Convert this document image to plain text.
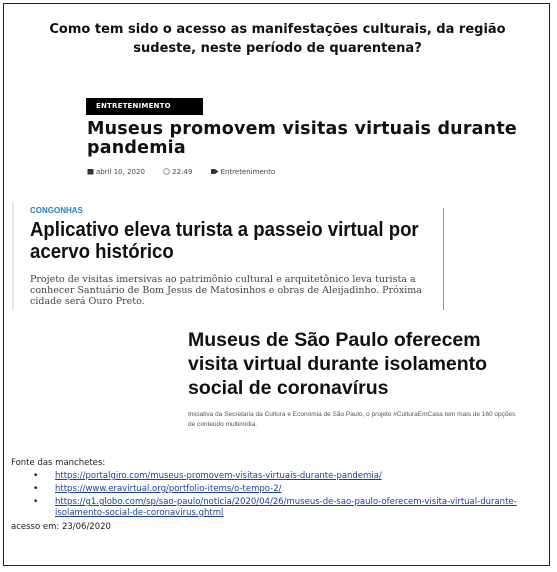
Como tem sido o acesso as manifestações culturais, da região sudeste, neste período de quarentena?
ENTRETENIMENTO
Museus promovem visitas virtuais durante pandemia
abril 10, 2020	22:49	Entretenimento
CONGONHAS
Aplicativo eleva turista a passeio virtual por acervo histórico
Projeto de visitas imersivas ao patrimônio cultural e arquitetônico leva turista a conhecer Santuário de Bom Jesus de Matosinhos e obras de Aleijadinho. Próxima cidade será Ouro Preto.
Museus de São Paulo oferecem visita virtual durante isolamento social de coronavírus
Iniciativa da Secretaria da Cultura e Economia de São Paulo, o projeto #CulturaEmCasa tem mais de 160 opções de conteúdo multimídia.
Fonte das manchetes:
• https://portalgiro.com/museus-promovem-visitas-virtuais-durante-pandemia/
• https://www.eravirtual.org/portfolio-items/o-tempo-2/
• https://g1.globo.com/sp/sao-paulo/noticia/2020/04/26/museus-de-sao-paulo-oferecem-visita-virtual-durante-isolamento-social-de-coronavirus.ghtml
acesso em: 23/06/2020
